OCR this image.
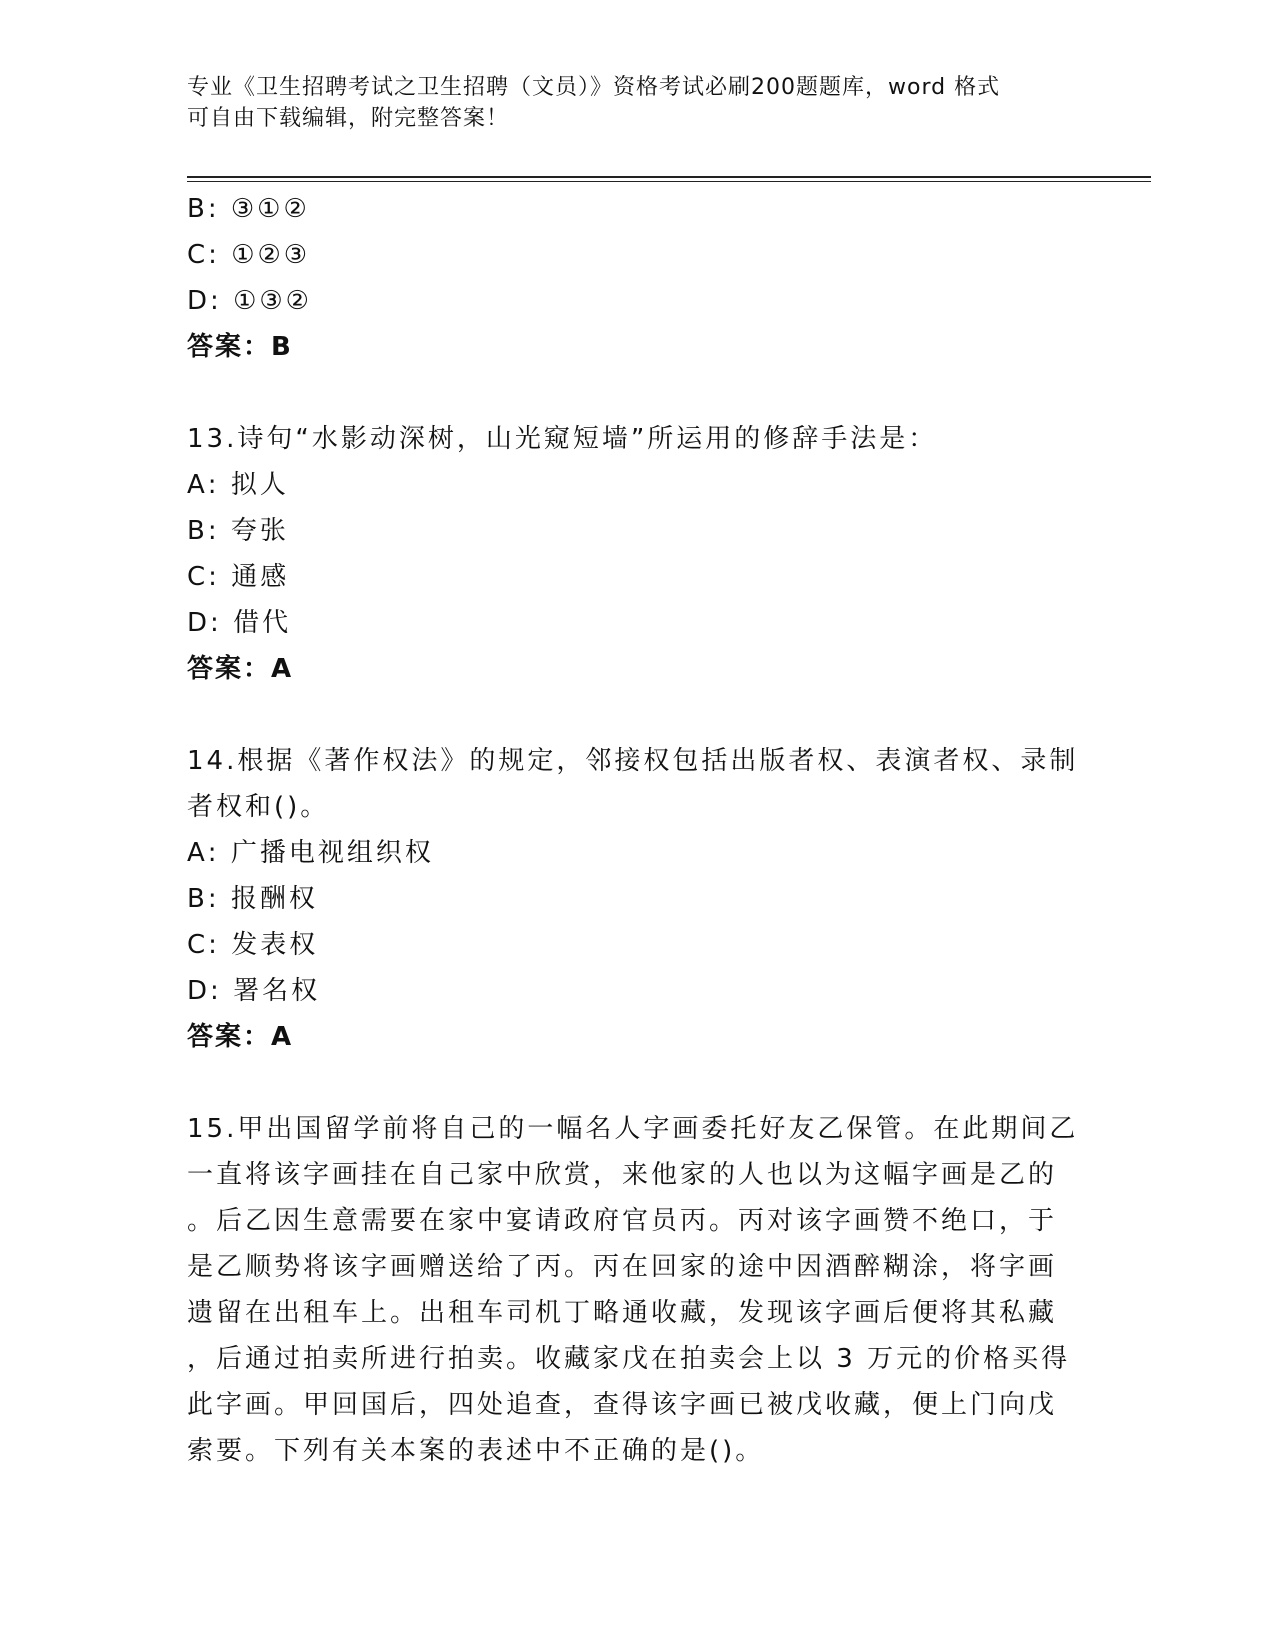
专业《卫生招聘考试之卫生招聘（文员）》资格考试必刷200题题库，word 格式
可自由下载编辑，附完整答案！
B: ③①②
C: ①②③
D: ①③②
答案：B
13.诗句“水影动深树，山光窥短墙”所运用的修辞手法是：
A: 拟人
B: 夸张
C: 通感
D: 借代
答案：A
14.根据《著作权法》的规定，邻接权包括出版者权、表演者权、录制
者权和()。
A: 广播电视组织权
B: 报酬权
C: 发表权
D: 署名权
答案：A
15.甲出国留学前将自己的一幅名人字画委托好友乙保管。在此期间乙
一直将该字画挂在自己家中欣赏，来他家的人也以为这幅字画是乙的
。后乙因生意需要在家中宴请政府官员丙。丙对该字画赞不绝口，于
是乙顺势将该字画赠送给了丙。丙在回家的途中因酒醉糊涂，将字画
遗留在出租车上。出租车司机丁略通收藏，发现该字画后便将其私藏
，后通过拍卖所进行拍卖。收藏家戊在拍卖会上以 3 万元的价格买得
此字画。甲回国后，四处追查，查得该字画已被戊收藏，便上门向戊
索要。下列有关本案的表述中不正确的是()。
